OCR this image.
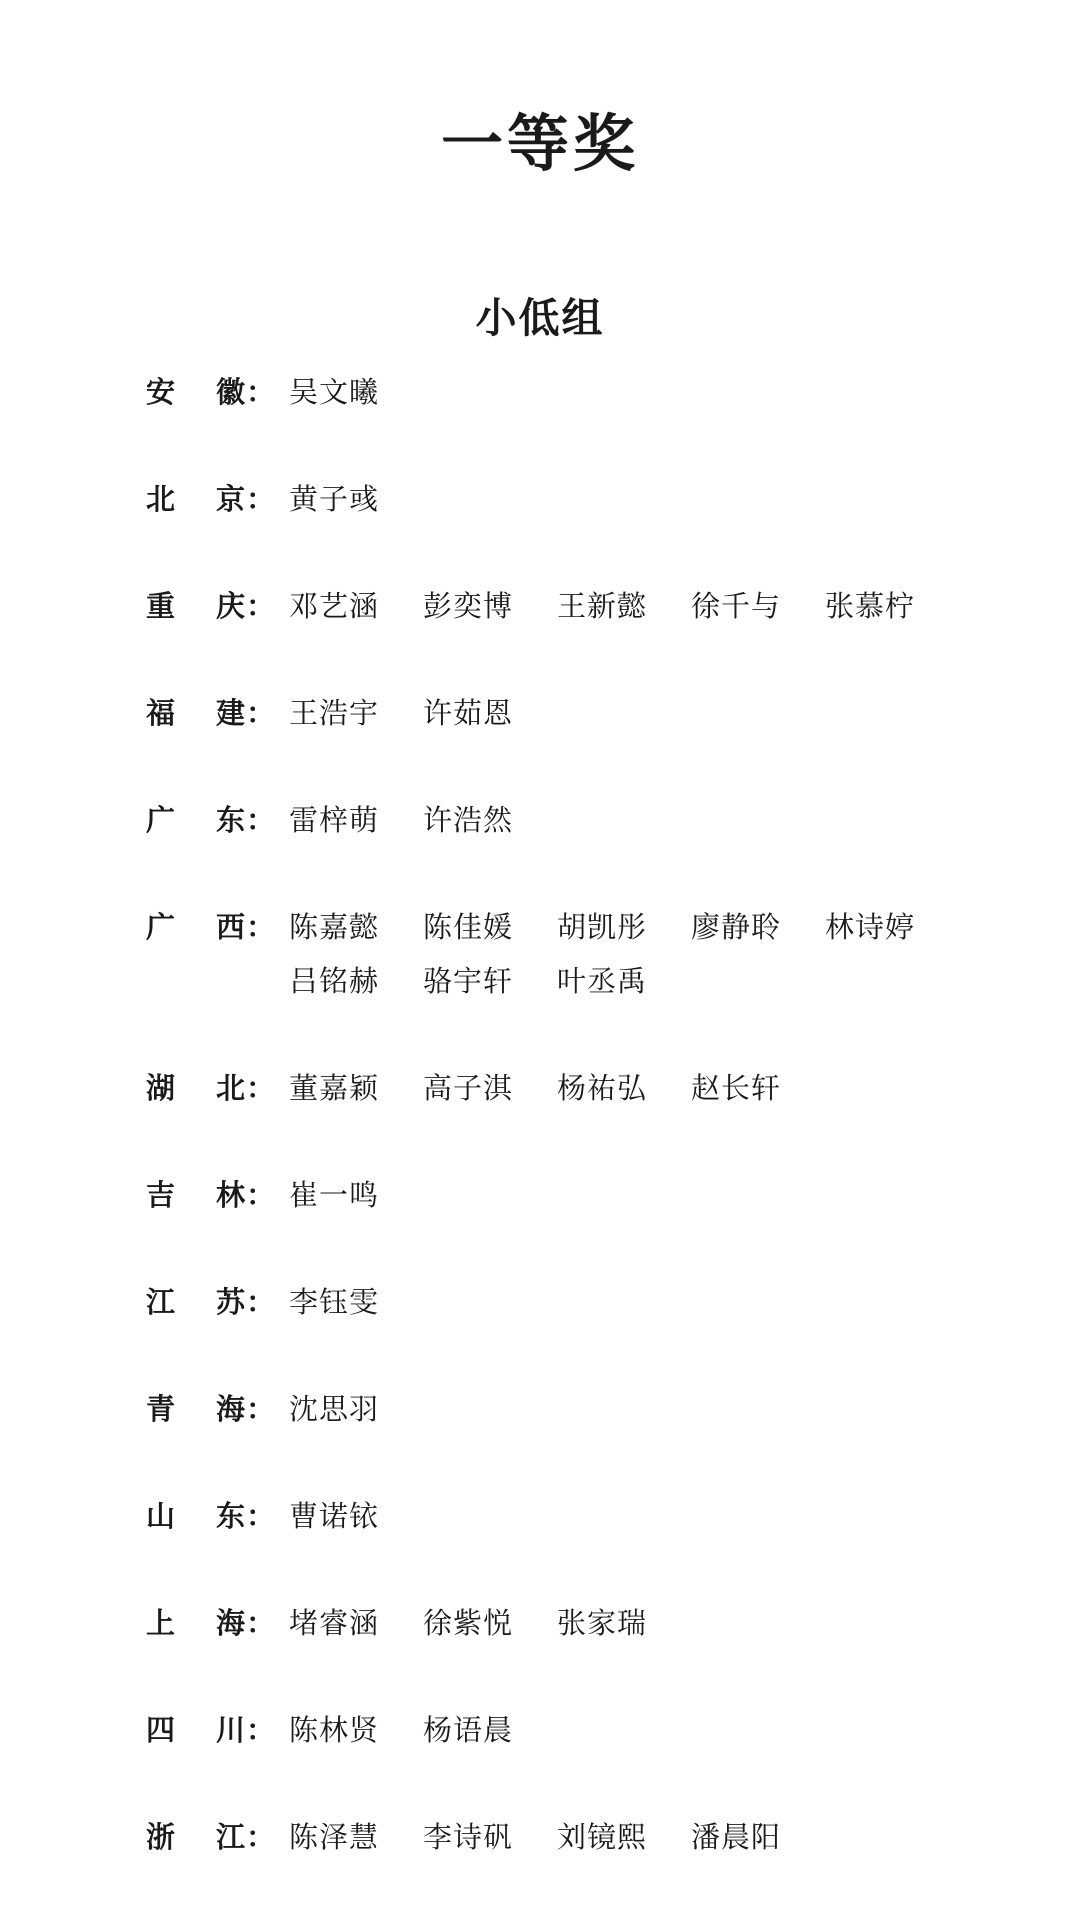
一等奖
小低组
安 徽 ： 吴文曦
北 京 ： 黄子彧
重 庆 ： 邓艺涵 彭奕博 王新懿 徐千与 张慕柠
福 建 ： 王浩宇 许茹恩
广 东 ： 雷梓萌 许浩然
广 西 ： 陈嘉懿 陈佳媛 胡凯彤 廖静聆 林诗婷吕铭赫 骆宇轩 叶丞禹
湖 北 ： 董嘉颖 高子淇 杨祐弘 赵长轩
吉 林 ： 崔一鸣
江 苏 ： 李钰雯
青 海 ： 沈思羽
山 东 ： 曹诺铱
上 海 ： 堵睿涵 徐紫悦 张家瑞
四 川 ： 陈林贤 杨语晨
浙 江 ： 陈泽慧 李诗矾 刘镜熙 潘晨阳
